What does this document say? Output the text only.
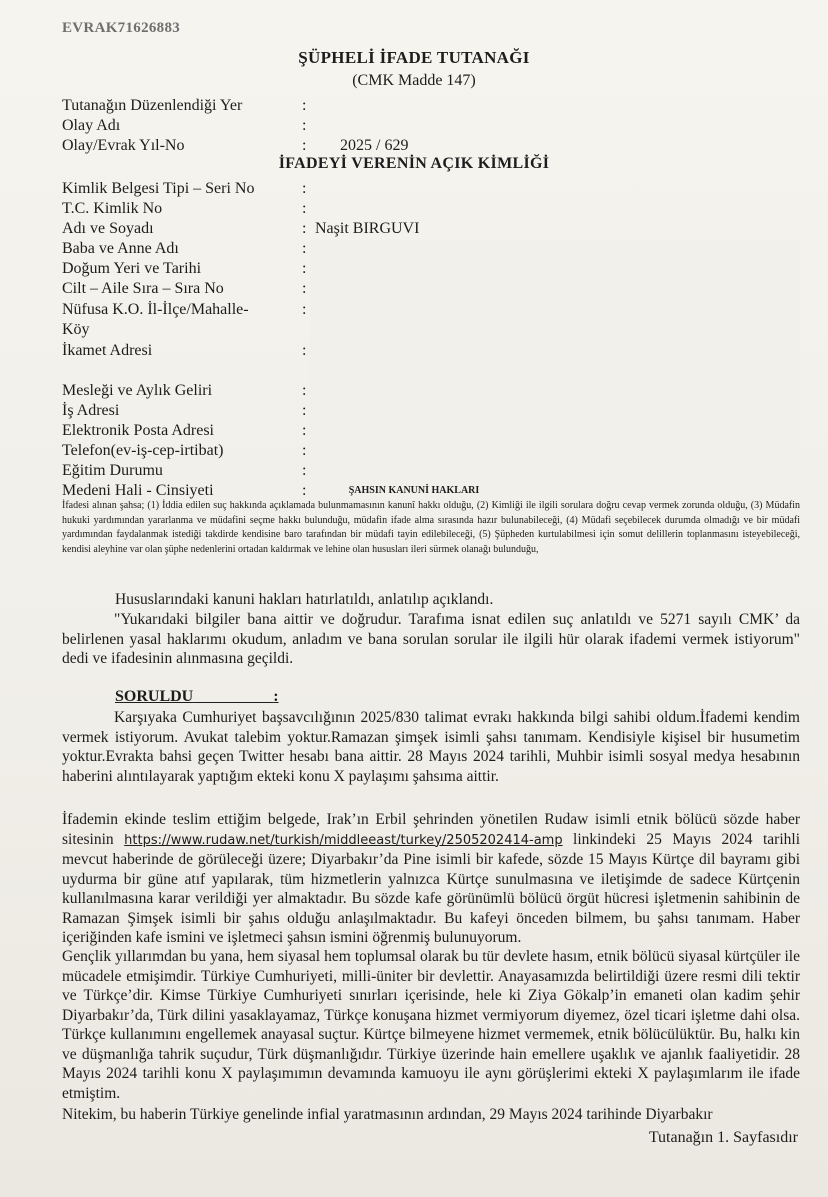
EVRAK71626883
ŞÜPHELİ İFADE TUTANAĞI
(CMK Madde 147)
Tutanağın Düzenlendiği Yer	:
Olay Adı	:
Olay/Evrak Yıl-No	: 2025 / 629
İFADEYİ VERENİN AÇIK KİMLİĞİ
Kimlik Belgesi Tipi – Seri No	:
T.C. Kimlik No	:
Adı ve Soyadı	: Naşit BIRGUVI
Baba ve Anne Adı	:
Doğum Yeri ve Tarihi	:
Cilt – Aile Sıra – Sıra No	:
Nüfusa K.O. İl-İlçe/Mahalle-	:
Köy
İkamet Adresi	:
Mesleği ve Aylık Geliri	:
İş Adresi	:
Elektronik Posta Adresi	:
Telefon(ev-iş-cep-irtibat)	:
Eğitim Durumu	:
Medeni Hali - Cinsiyeti	:	ŞAHSIN KANUNİ HAKLARI
İfadesi alınan şahsa; (1) İddia edilen suç hakkında açıklamada bulunmamasının kanunî hakkı olduğu, (2) Kimliği ile ilgili sorulara doğru cevap vermek zorunda olduğu, (3) Müdafin hukuki yardımından yararlanma ve müdafini seçme hakkı bulunduğu, müdafin ifade alma sırasında hazır bulunabileceği, (4) Müdafi seçebilecek durumda olmadığı ve bir müdafi yardımından faydalanmak istediği takdirde kendisine baro tarafından bir müdafi tayin edilebileceği, (5) Şüpheden kurtulabilmesi için somut delillerin toplanmasını isteyebileceği, kendisi aleyhine var olan şüphe nedenlerini ortadan kaldırmak ve lehine olan hususları ileri sürmek olanağı bulunduğu,
Hususlarındaki kanuni hakları hatırlatıldı, anlatılıp açıklandı.
"Yukarıdaki bilgiler bana aittir ve doğrudur. Tarafıma isnat edilen suç anlatıldı ve 5271 sayılı CMK’ da belirlenen yasal haklarımı okudum, anladım ve bana sorulan sorular ile ilgili hür olarak ifademi vermek istiyorum" dedi ve ifadesinin alınmasına geçildi.
SORULDU	:
Karşıyaka Cumhuriyet başsavcılığının 2025/830 talimat evrakı hakkında bilgi sahibi oldum.İfademi kendim vermek istiyorum. Avukat talebim yoktur.Ramazan şimşek isimli şahsı tanımam. Kendisiyle kişisel bir husumetim yoktur.Evrakta bahsi geçen Twitter hesabı bana aittir. 28 Mayıs 2024 tarihli, Muhbir isimli sosyal medya hesabının haberini alıntılayarak yaptığım ekteki konu X paylaşımı şahsıma aittir.
İfademin ekinde teslim ettiğim belgede, Irak’ın Erbil şehrinden yönetilen Rudaw isimli etnik bölücü sözde haber sitesinin https://www.rudaw.net/turkish/middleeast/turkey/2505202414-amp linkindeki 25 Mayıs 2024 tarihli mevcut haberinde de görüleceği üzere; Diyarbakır’da Pine isimli bir kafede, sözde 15 Mayıs Kürtçe dil bayramı gibi uydurma bir güne atıf yapılarak, tüm hizmetlerin yalnızca Kürtçe sunulmasına ve iletişimde de sadece Kürtçenin kullanılmasına karar verildiği yer almaktadır. Bu sözde kafe görünümlü bölücü örgüt hücresi işletmenin sahibinin de Ramazan Şimşek isimli bir şahıs olduğu anlaşılmaktadır. Bu kafeyi önceden bilmem, bu şahsı tanımam. Haber içeriğinden kafe ismini ve işletmeci şahsın ismini öğrenmiş bulunuyorum.
Gençlik yıllarımdan bu yana, hem siyasal hem toplumsal olarak bu tür devlete hasım, etnik bölücü siyasal kürtçüler ile mücadele etmişimdir. Türkiye Cumhuriyeti, milli-üniter bir devlettir. Anayasamızda belirtildiği üzere resmi dili tektir ve Türkçe’dir. Kimse Türkiye Cumhuriyeti sınırları içerisinde, hele ki Ziya Gökalp’in emaneti olan kadim şehir Diyarbakır’da, Türk dilini yasaklayamaz, Türkçe konuşana hizmet vermiyorum diyemez, özel ticari işletme dahi olsa. Türkçe kullanımını engellemek anayasal suçtur. Kürtçe bilmeyene hizmet vermemek, etnik bölücülüktür. Bu, halkı kin ve düşmanlığa tahrik suçudur, Türk düşmanlığıdır. Türkiye üzerinde hain emellere uşaklık ve ajanlık faaliyetidir. 28 Mayıs 2024 tarihli konu X paylaşımımın devamında kamuoyu ile aynı görüşlerimi ekteki X paylaşımlarım ile ifade etmiştim.
Nitekim, bu haberin Türkiye genelinde infial yaratmasının ardından, 29 Mayıs 2024 tarihinde Diyarbakır
Tutanağın 1. Sayfasıdır
